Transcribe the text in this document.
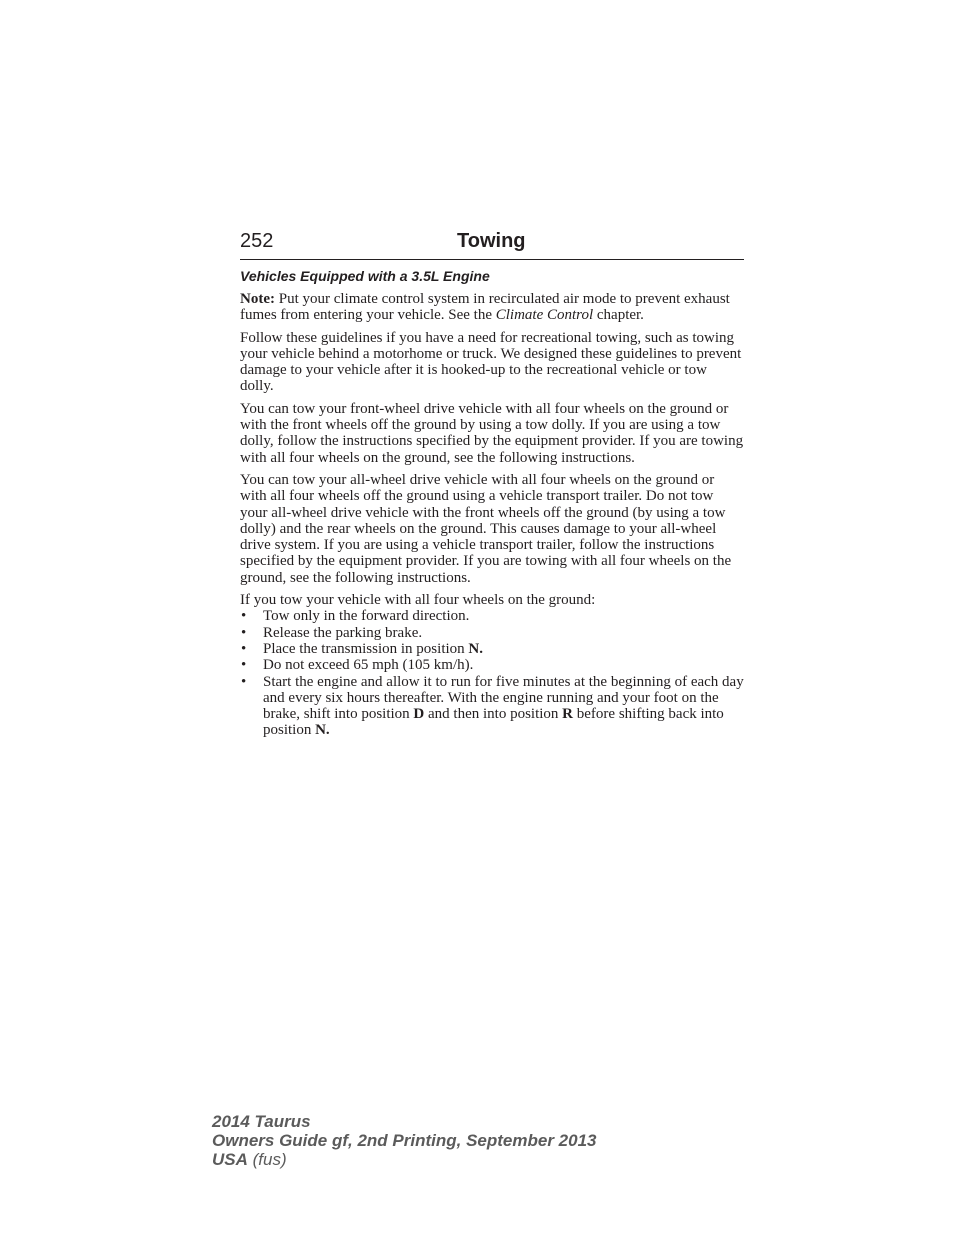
252	Towing
Vehicles Equipped with a 3.5L Engine

Note: Put your climate control system in recirculated air mode to prevent exhaust fumes from entering your vehicle. See the Climate Control chapter.

Follow these guidelines if you have a need for recreational towing, such as towing your vehicle behind a motorhome or truck. We designed these guidelines to prevent damage to your vehicle after it is hooked-up to the recreational vehicle or tow dolly.

You can tow your front-wheel drive vehicle with all four wheels on the ground or with the front wheels off the ground by using a tow dolly. If you are using a tow dolly, follow the instructions specified by the equipment provider. If you are towing with all four wheels on the ground, see the following instructions.

You can tow your all-wheel drive vehicle with all four wheels on the ground or with all four wheels off the ground using a vehicle transport trailer. Do not tow your all-wheel drive vehicle with the front wheels off the ground (by using a tow dolly) and the rear wheels on the ground. This causes damage to your all-wheel drive system. If you are using a vehicle transport trailer, follow the instructions specified by the equipment provider. If you are towing with all four wheels on the ground, see the following instructions.

If you tow your vehicle with all four wheels on the ground:
• Tow only in the forward direction.
• Release the parking brake.
• Place the transmission in position N.
• Do not exceed 65 mph (105 km/h).
• Start the engine and allow it to run for five minutes at the beginning of each day and every six hours thereafter. With the engine running and your foot on the brake, shift into position D and then into position R before shifting back into position N.
2014 Taurus
Owners Guide gf, 2nd Printing, September 2013
USA (fus)
